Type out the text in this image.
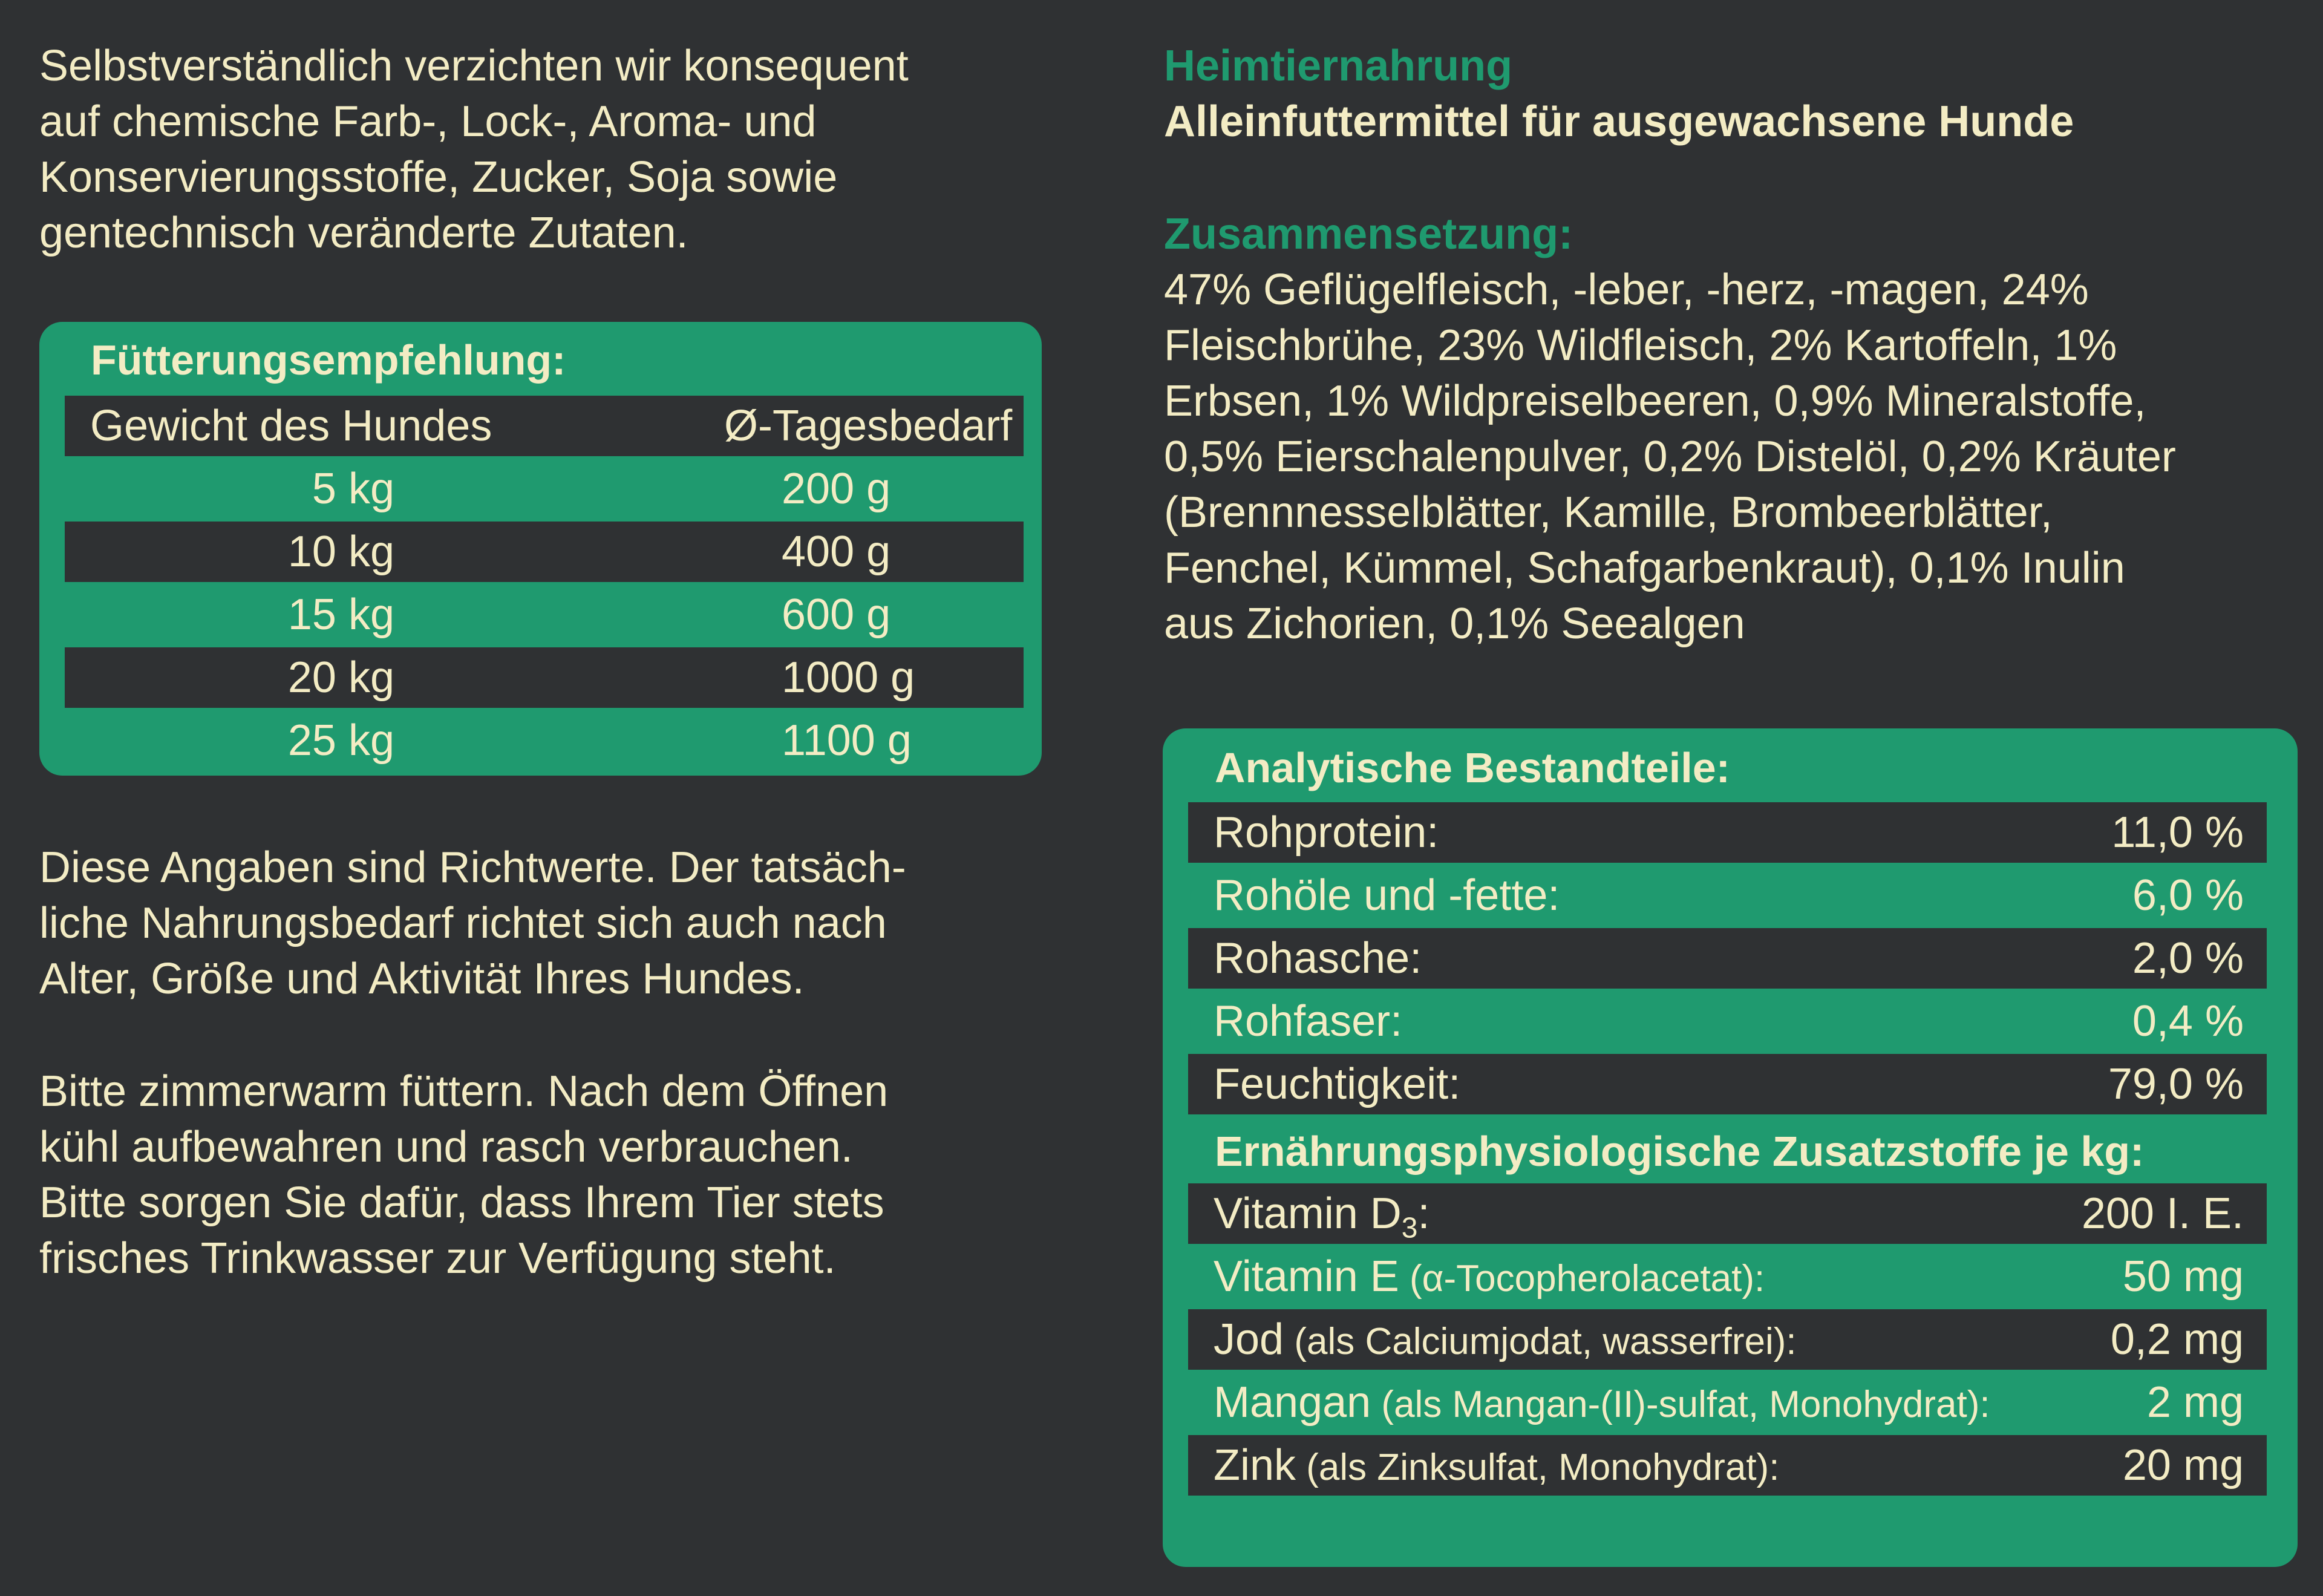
Selbstverständlich verzichten wir konsequent
auf chemische Farb-, Lock-, Aroma- und
Konservierungsstoffe, Zucker, Soja sowie
gentechnisch veränderte Zutaten.
Fütterungsempfehlung:
Gewicht des Hundes	Ø-Tagesbedarf
5 kg	200 g
10 kg	400 g
15 kg	600 g
20 kg	1000 g
25 kg	1100 g
Diese Angaben sind Richtwerte. Der tatsäch-
liche Nahrungsbedarf richtet sich auch nach
Alter, Größe und Aktivität Ihres Hundes.
Bitte zimmerwarm füttern. Nach dem Öffnen
kühl aufbewahren und rasch verbrauchen.
Bitte sorgen Sie dafür, dass Ihrem Tier stets
frisches Trinkwasser zur Verfügung steht.
Heimtiernahrung
Alleinfuttermittel für ausgewachsene Hunde
Zusammensetzung:
47% Geflügelfleisch, -leber, -herz, -magen, 24%
Fleischbrühe, 23% Wildfleisch, 2% Kartoffeln, 1%
Erbsen, 1% Wildpreiselbeeren, 0,9% Mineralstoffe,
0,5% Eierschalenpulver, 0,2% Distelöl, 0,2% Kräuter
(Brennnesselblätter, Kamille, Brombeerblätter,
Fenchel, Kümmel, Schafgarbenkraut), 0,1% Inulin
aus Zichorien, 0,1% Seealgen
Analytische Bestandteile:
Rohprotein:	11,0 %
Rohöle und -fette:	6,0 %
Rohasche:	2,0 %
Rohfaser:	0,4 %
Feuchtigkeit:	79,0 %
Ernährungsphysiologische Zusatzstoffe je kg:
Vitamin $D_3$:	200 I. E.
Vitamin E (α-Tocopherolacetat):	50 mg
Jod (als Calciumjodat, wasserfrei):	0,2 mg
Mangan (als Mangan-(II)-sulfat, Monohydrat):	2 mg
Zink (als Zinksulfat, Monohydrat):	20 mg
